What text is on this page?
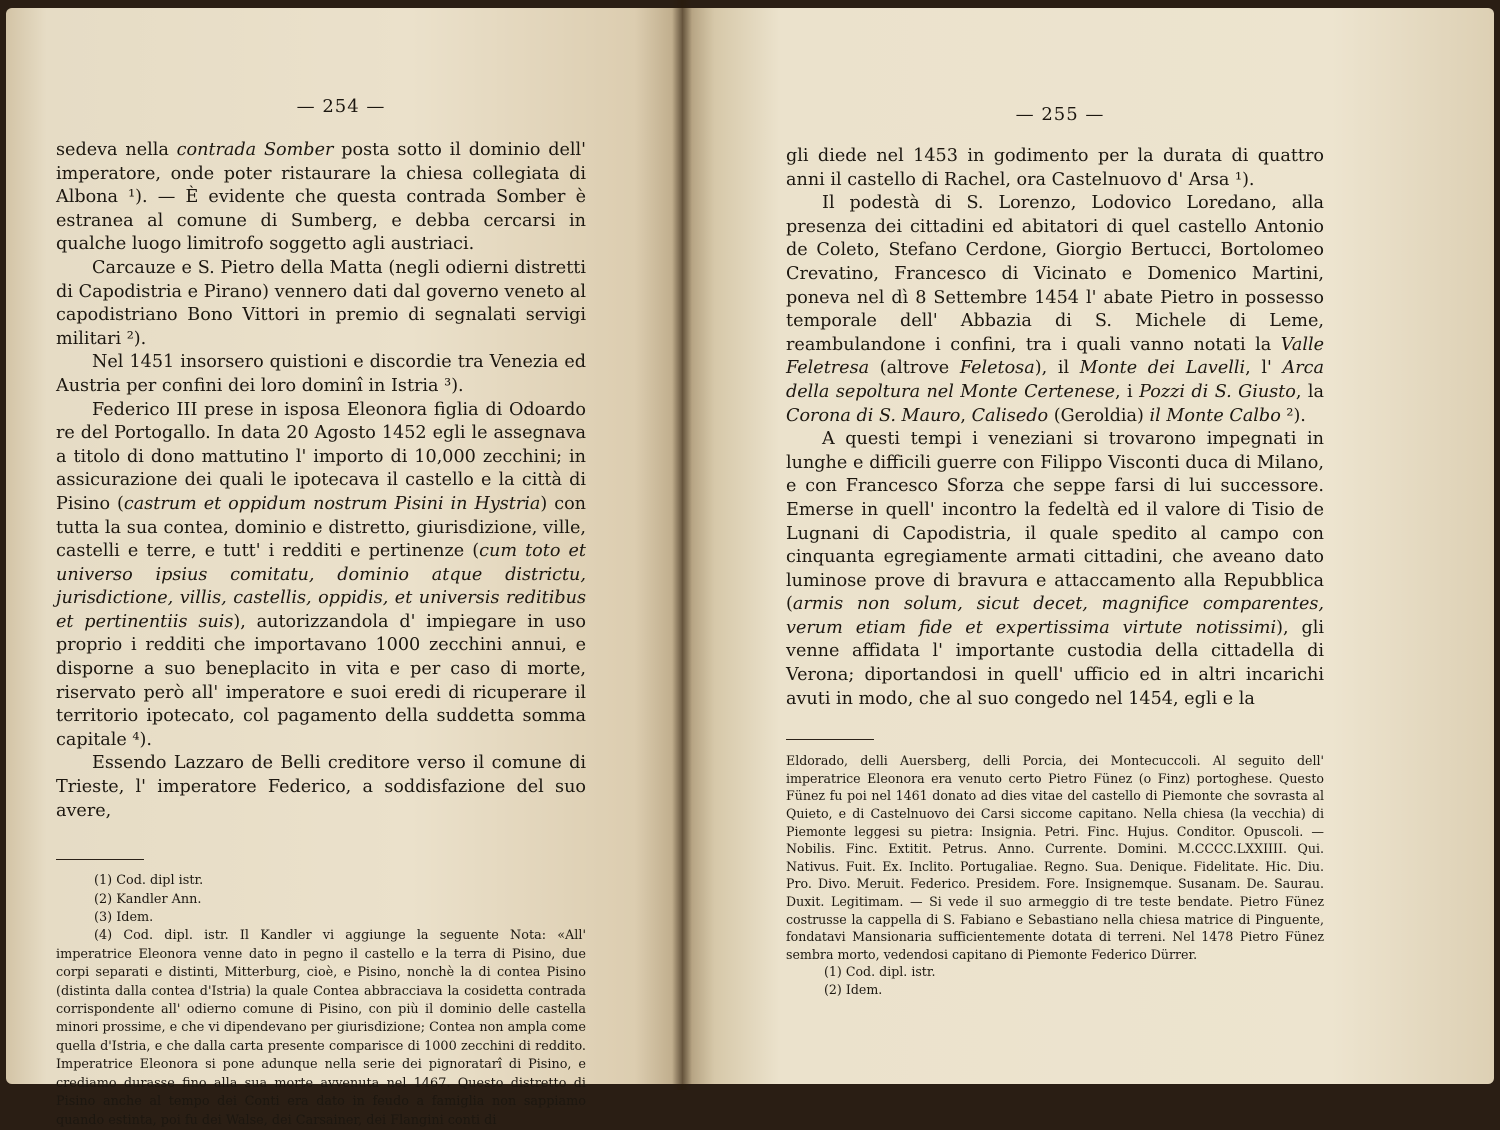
— 254 —

sedeva nella contrada Somber posta sotto il dominio dell' imperatore, onde poter ristaurare la chiesa collegiata di Albona ¹). — È evidente che questa contrada Somber è estranea al comune di Sumberg, e debba cercarsi in qualche luogo limitrofo soggetto agli austriaci.

Carcauze e S. Pietro della Matta (negli odierni distretti di Capodistria e Pirano) vennero dati dal governo veneto al capodistriano Bono Vittori in premio di segnalati servigi militari ²).

Nel 1451 insorsero quistioni e discordie tra Venezia ed Austria per confini dei loro dominî in Istria ³).

Federico III prese in isposa Eleonora figlia di Odoardo re del Portogallo. In data 20 Agosto 1452 egli le assegnava a titolo di dono mattutino l' importo di 10,000 zecchini; in assicurazione dei quali le ipotecava il castello e la città di Pisino (castrum et oppidum nostrum Pisini in Hystria) con tutta la sua contea, dominio e distretto, giurisdizione, ville, castelli e terre, e tutt' i redditi e pertinenze (cum toto et universo ipsius comitatu, dominio atque districtu, jurisdictione, villis, castellis, oppidis, et universis reditibus et pertinentiis suis), autorizzandola d' impiegare in uso proprio i redditi che importavano 1000 zecchini annui, e disporne a suo beneplacito in vita e per caso di morte, riservato però all' imperatore e suoi eredi di ricuperare il territorio ipotecato, col pagamento della suddetta somma capitale ⁴).

Essendo Lazzaro de Belli creditore verso il comune di Trieste, l' imperatore Federico, a soddisfazione del suo avere,

(1) Cod. dipl istr.

(2) Kandler Ann.

(3) Idem.

(4) Cod. dipl. istr. Il Kandler vi aggiunge la seguente Nota: «All' imperatrice Eleonora venne dato in pegno il castello e la terra di Pisino, due corpi separati e distinti, Mitterburg, cioè, e Pisino, nonchè la di contea Pisino (distinta dalla contea d'Istria) la quale Contea abbracciava la cosidetta contrada corrispondente all' odierno comune di Pisino, con più il dominio delle castella minori prossime, e che vi dipendevano per giurisdizione; Contea non ampla come quella d'Istria, e che dalla carta presente comparisce di 1000 zecchini di reddito. Imperatrice Eleonora si pone adunque nella serie dei pignoratarî di Pisino, e crediamo durasse fino alla sua morte avvenuta nel 1467. Questo distretto di Pisino anche al tempo dei Conti era dato in feudo a famiglia non sappiamo quando estinta, poi fu dei Walse, dei Carsainer, dei Flangini conti di

— 255 —

gli diede nel 1453 in godimento per la durata di quattro anni il castello di Rachel, ora Castelnuovo d' Arsa ¹).

Il podestà di S. Lorenzo, Lodovico Loredano, alla presenza dei cittadini ed abitatori di quel castello Antonio de Coleto, Stefano Cerdone, Giorgio Bertucci, Bortolomeo Crevatino, Francesco di Vicinato e Domenico Martini, poneva nel dì 8 Settembre 1454 l' abate Pietro in possesso temporale dell' Abbazia di S. Michele di Leme, reambulandone i confini, tra i quali vanno notati la Valle Feletresa (altrove Feletosa), il Monte dei Lavelli, l' Arca della sepoltura nel Monte Certenese, i Pozzi di S. Giusto, la Corona di S. Mauro, Calisedo (Geroldia) il Monte Calbo ²).

A questi tempi i veneziani si trovarono impegnati in lunghe e difficili guerre con Filippo Visconti duca di Milano, e con Francesco Sforza che seppe farsi di lui successore. Emerse in quell' incontro la fedeltà ed il valore di Tisio de Lugnani di Capodistria, il quale spedito al campo con cinquanta egregiamente armati cittadini, che aveano dato luminose prove di bravura e attaccamento alla Repubblica (armis non solum, sicut decet, magnifice comparentes, verum etiam fide et expertissima virtute notissimi), gli venne affidata l' importante custodia della cittadella di Verona; diportandosi in quell' ufficio ed in altri incarichi avuti in modo, che al suo congedo nel 1454, egli e la

Eldorado, delli Auersberg, delli Porcia, dei Montecuccoli. Al seguito dell' imperatrice Eleonora era venuto certo Pietro Fünez (o Finz) portoghese. Questo Fünez fu poi nel 1461 donato ad dies vitae del castello di Piemonte che sovrasta al Quieto, e di Castelnuovo dei Carsi siccome capitano. Nella chiesa (la vecchia) di Piemonte leggesi su pietra: Insignia. Petri. Finc. Hujus. Conditor. Opuscoli. — Nobilis. Finc. Extitit. Petrus. Anno. Currente. Domini. M.CCCC.LXXIIII. Qui. Nativus. Fuit. Ex. Inclito. Portugaliae. Regno. Sua. Denique. Fidelitate. Hic. Diu. Pro. Divo. Meruit. Federico. Presidem. Fore. Insignemque. Susanam. De. Saurau. Duxit. Legitimam. — Si vede il suo armeggio di tre teste bendate. Pietro Fünez costrusse la cappella di S. Fabiano e Sebastiano nella chiesa matrice di Pinguente, fondatavi Mansionaria sufficientemente dotata di terreni. Nel 1478 Pietro Fünez sembra morto, vedendosi capitano di Piemonte Federico Dürrer.

(1) Cod. dipl. istr.

(2) Idem.
